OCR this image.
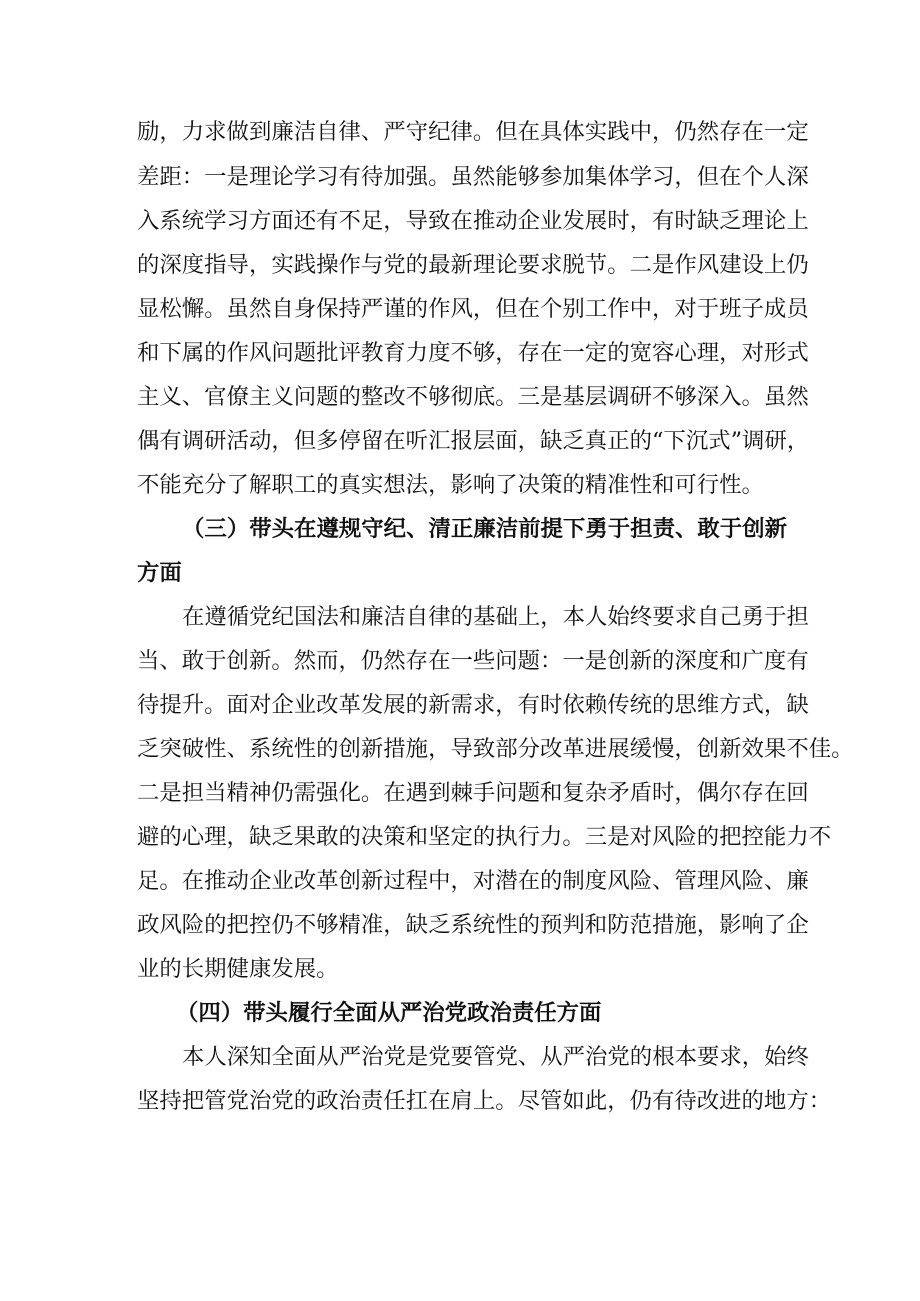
励，力求做到廉洁自律、严守纪律。但在具体实践中，仍然存在一定
差距：一是理论学习有待加强。虽然能够参加集体学习，但在个人深
入系统学习方面还有不足，导致在推动企业发展时，有时缺乏理论上
的深度指导，实践操作与党的最新理论要求脱节。二是作风建设上仍
显松懈。虽然自身保持严谨的作风，但在个别工作中，对于班子成员
和下属的作风问题批评教育力度不够，存在一定的宽容心理，对形式
主义、官僚主义问题的整改不够彻底。三是基层调研不够深入。虽然
偶有调研活动，但多停留在听汇报层面，缺乏真正的“下沉式”调研，
不能充分了解职工的真实想法，影响了决策的精准性和可行性。
（三）带头在遵规守纪、清正廉洁前提下勇于担责、敢于创新
方面
在遵循党纪国法和廉洁自律的基础上，本人始终要求自己勇于担
当、敢于创新。然而，仍然存在一些问题：一是创新的深度和广度有
待提升。面对企业改革发展的新需求，有时依赖传统的思维方式，缺
乏突破性、系统性的创新措施，导致部分改革进展缓慢，创新效果不佳。
二是担当精神仍需强化。在遇到棘手问题和复杂矛盾时，偶尔存在回
避的心理，缺乏果敢的决策和坚定的执行力。三是对风险的把控能力不
足。在推动企业改革创新过程中，对潜在的制度风险、管理风险、廉
政风险的把控仍不够精准，缺乏系统性的预判和防范措施，影响了企
业的长期健康发展。
（四）带头履行全面从严治党政治责任方面
本人深知全面从严治党是党要管党、从严治党的根本要求，始终
坚持把管党治党的政治责任扛在肩上。尽管如此，仍有待改进的地方：
